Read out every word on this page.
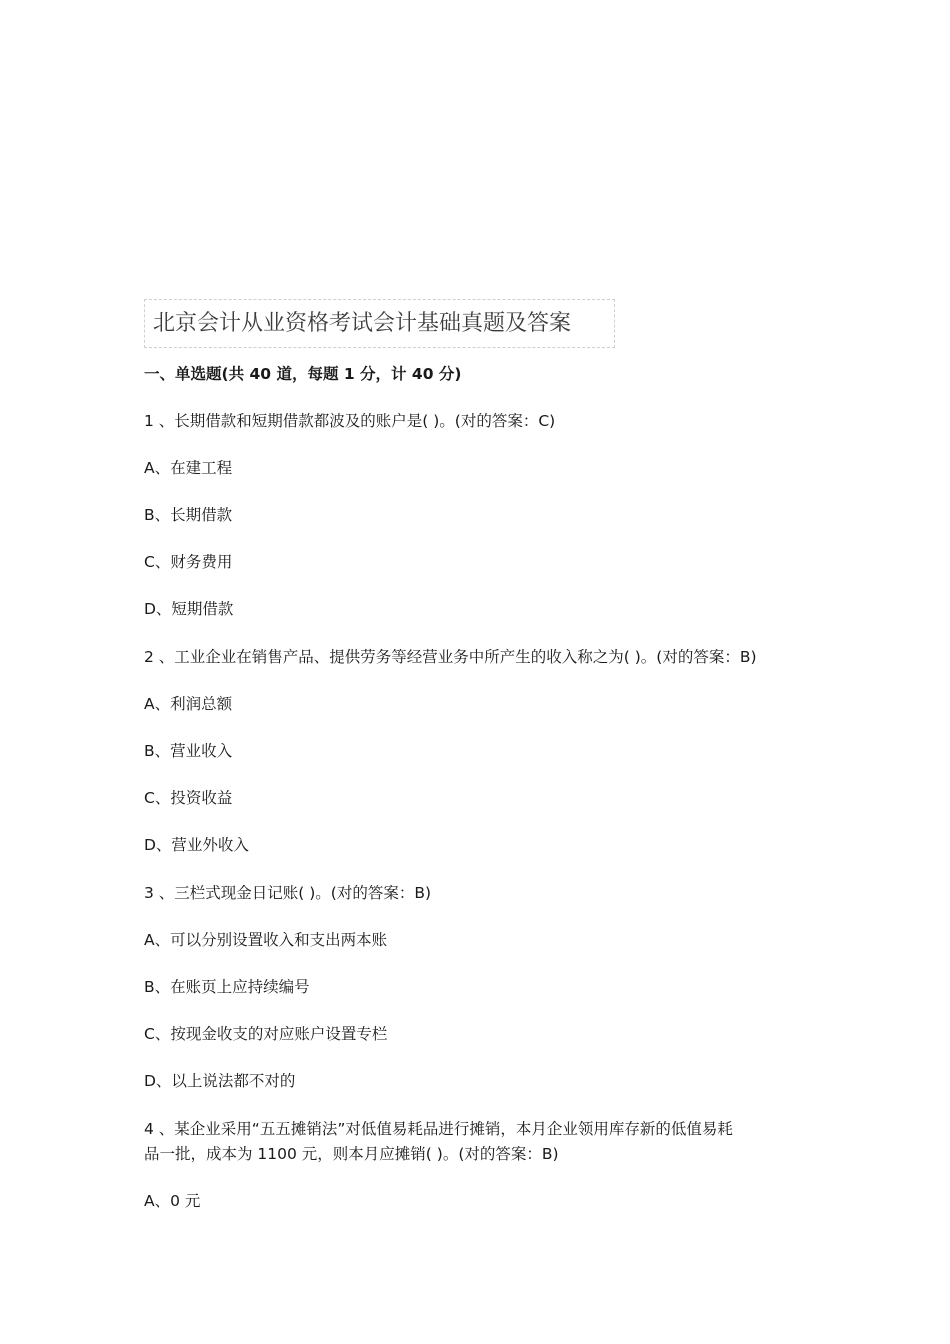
北京会计从业资格考试会计基础真题及答案
一、单选题(共 40 道，每题 1 分，计 40 分)
1 、长期借款和短期借款都波及的账户是( )。(对的答案：C)
A、在建工程
B、长期借款
C、财务费用
D、短期借款
2 、工业企业在销售产品、提供劳务等经营业务中所产生的收入称之为( )。(对的答案：B)
A、利润总额
B、营业收入
C、投资收益
D、营业外收入
3 、三栏式现金日记账( )。(对的答案：B)
A、可以分别设置收入和支出两本账
B、在账页上应持续编号
C、按现金收支的对应账户设置专栏
D、以上说法都不对的
4 、某企业采用“五五摊销法”对低值易耗品进行摊销，本月企业领用库存新的低值易耗
品一批，成本为 1100 元，则本月应摊销( )。(对的答案：B)
A、0 元
